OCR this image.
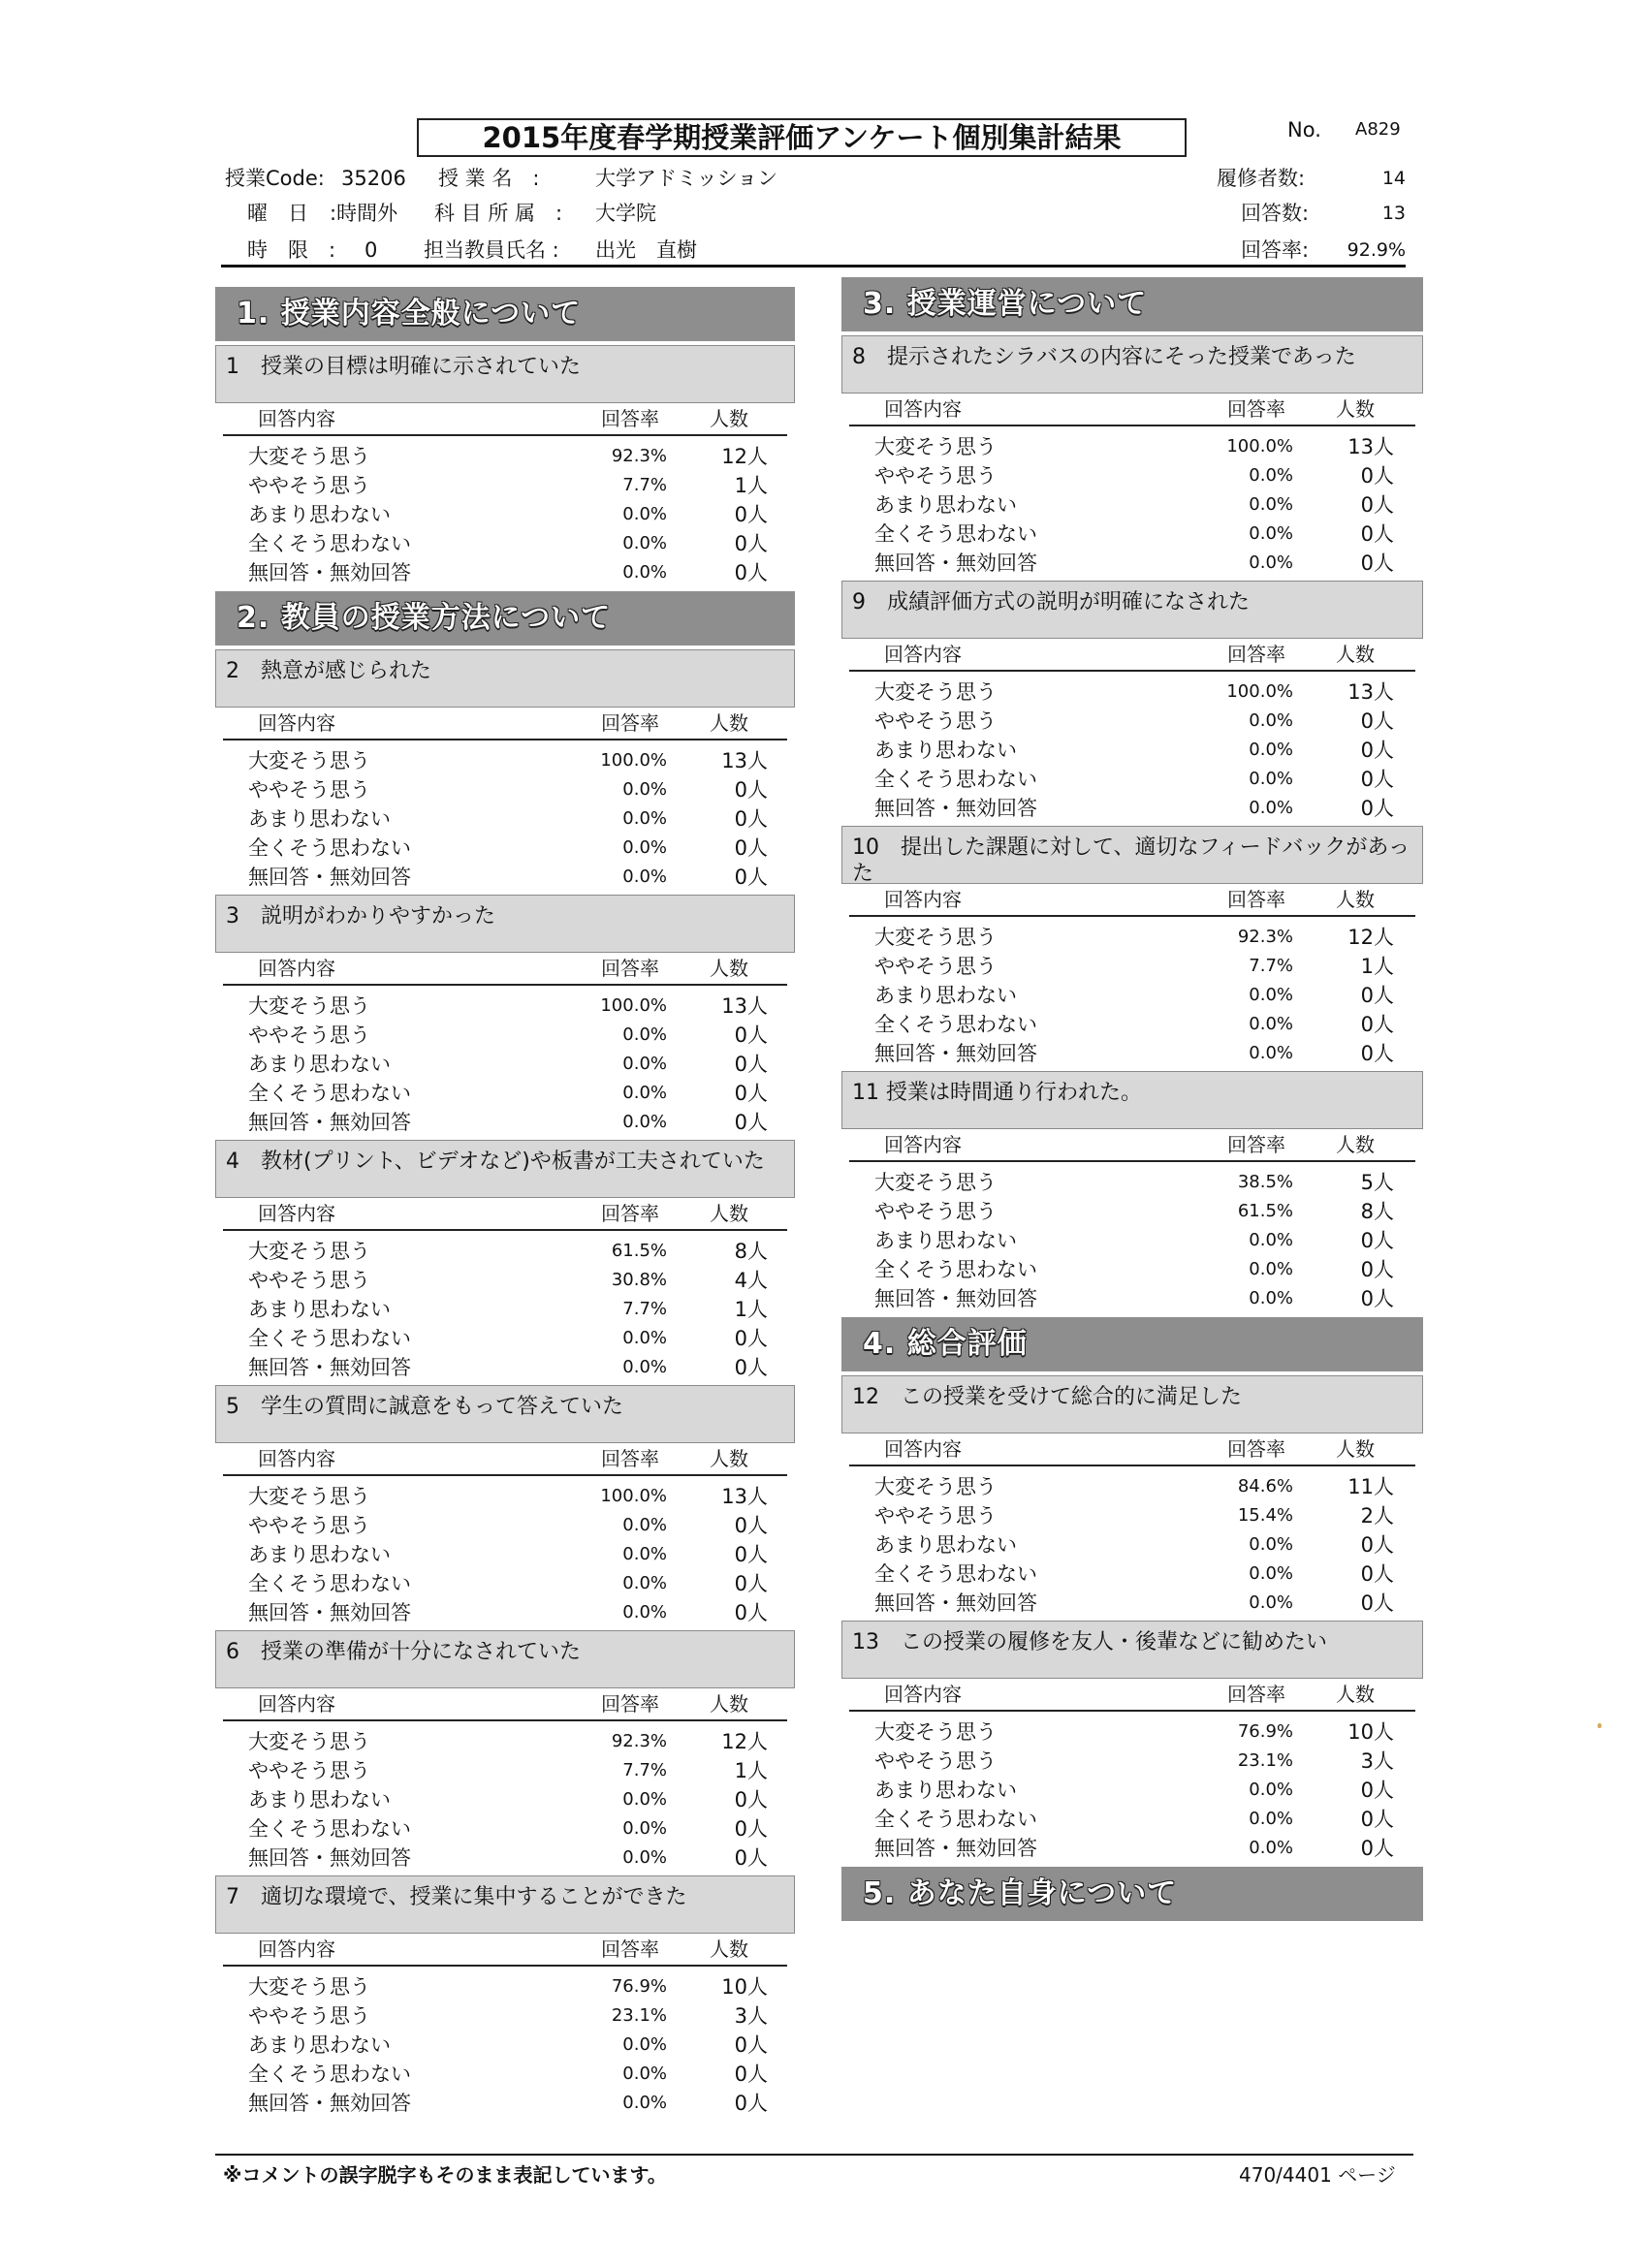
2015年度春学期授業評価アンケート個別集計結果	No. A829
授業Code: 35206 授 業 名　:	大学アドミッション	履修者数:	14
曜　日 :時間外 科 目 所 属　: 大学院	回答数:	13
時　限　: 0 担当教員氏名 : 出光　直樹	回答率:	92.9%
1. 授業内容全般について
1　授業の目標は明確に示されていた
回答内容	回答率	人数
大変そう思う	92.3%	12人
ややそう思う	7.7%	1人
あまり思わない	0.0%	0人
全くそう思わない	0.0%	0人
無回答・無効回答	0.0%	0人
2. 教員の授業方法について
2　熱意が感じられた
回答内容	回答率	人数
大変そう思う	100.0%	13人
ややそう思う	0.0%	0人
あまり思わない	0.0%	0人
全くそう思わない	0.0%	0人
無回答・無効回答	0.0%	0人
3　説明がわかりやすかった
回答内容	回答率	人数
大変そう思う	100.0%	13人
ややそう思う	0.0%	0人
あまり思わない	0.0%	0人
全くそう思わない	0.0%	0人
無回答・無効回答	0.0%	0人
4　教材(プリント、ビデオなど)や板書が工夫されていた
回答内容	回答率	人数
大変そう思う	61.5%	8人
ややそう思う	30.8%	4人
あまり思わない	7.7%	1人
全くそう思わない	0.0%	0人
無回答・無効回答	0.0%	0人
5　学生の質問に誠意をもって答えていた
回答内容	回答率	人数
大変そう思う	100.0%	13人
ややそう思う	0.0%	0人
あまり思わない	0.0%	0人
全くそう思わない	0.0%	0人
無回答・無効回答	0.0%	0人
6　授業の準備が十分になされていた
回答内容	回答率	人数
大変そう思う	92.3%	12人
ややそう思う	7.7%	1人
あまり思わない	0.0%	0人
全くそう思わない	0.0%	0人
無回答・無効回答	0.0%	0人
7　適切な環境で、授業に集中することができた
回答内容	回答率	人数
大変そう思う	76.9%	10人
ややそう思う	23.1%	3人
あまり思わない	0.0%	0人
全くそう思わない	0.0%	0人
無回答・無効回答	0.0%	0人
3. 授業運営について
8　提示されたシラバスの内容にそった授業であった
回答内容	回答率	人数
大変そう思う	100.0%	13人
ややそう思う	0.0%	0人
あまり思わない	0.0%	0人
全くそう思わない	0.0%	0人
無回答・無効回答	0.0%	0人
9　成績評価方式の説明が明確になされた
回答内容	回答率	人数
大変そう思う	100.0%	13人
ややそう思う	0.0%	0人
あまり思わない	0.0%	0人
全くそう思わない	0.0%	0人
無回答・無効回答	0.0%	0人
10　提出した課題に対して、適切なフィードバックがあった
回答内容	回答率	人数
大変そう思う	92.3%	12人
ややそう思う	7.7%	1人
あまり思わない	0.0%	0人
全くそう思わない	0.0%	0人
無回答・無効回答	0.0%	0人
11 授業は時間通り行われた。
回答内容	回答率	人数
大変そう思う	38.5%	5人
ややそう思う	61.5%	8人
あまり思わない	0.0%	0人
全くそう思わない	0.0%	0人
無回答・無効回答	0.0%	0人
4. 総合評価
12　この授業を受けて総合的に満足した
回答内容	回答率	人数
大変そう思う	84.6%	11人
ややそう思う	15.4%	2人
あまり思わない	0.0%	0人
全くそう思わない	0.0%	0人
無回答・無効回答	0.0%	0人
13　この授業の履修を友人・後輩などに勧めたい
回答内容	回答率	人数
大変そう思う	76.9%	10人
ややそう思う	23.1%	3人
あまり思わない	0.0%	0人
全くそう思わない	0.0%	0人
無回答・無効回答	0.0%	0人
5. あなた自身について
※コメントの誤字脱字もそのまま表記しています。	470/4401 ページ
